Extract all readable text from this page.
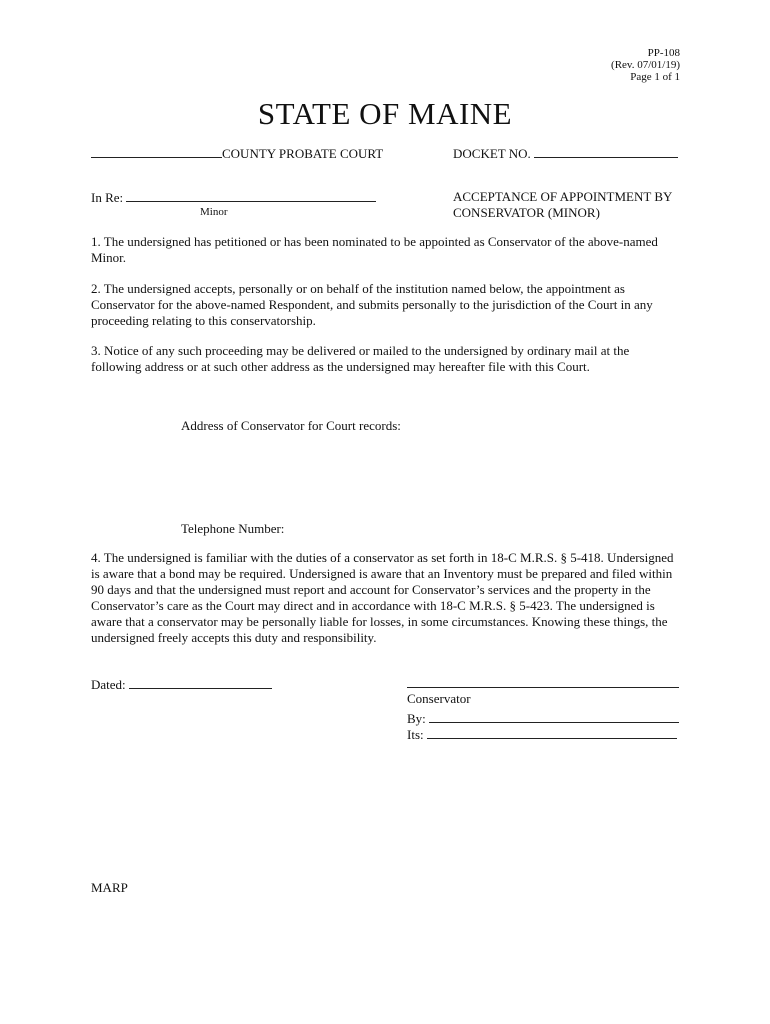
PP-108
(Rev. 07/01/19)
Page 1 of 1
STATE OF MAINE
COUNTY PROBATE COURT	DOCKET NO.
In Re:
Minor
ACCEPTANCE OF APPOINTMENT BY
CONSERVATOR (MINOR)
1. The undersigned has petitioned or has been nominated to be appointed as Conservator of the above-named Minor.
2. The undersigned accepts, personally or on behalf of the institution named below, the appointment as Conservator for the above-named Respondent, and submits personally to the jurisdiction of the Court in any proceeding relating to this conservatorship.
3. Notice of any such proceeding may be delivered or mailed to the undersigned by ordinary mail at the following address or at such other address as the undersigned may hereafter file with this Court.
Address of Conservator for Court records:
Telephone Number:
4. The undersigned is familiar with the duties of a conservator as set forth in 18-C M.R.S. § 5-418. Undersigned is aware that a bond may be required. Undersigned is aware that an Inventory must be prepared and filed within 90 days and that the undersigned must report and account for Conservator’s services and the property in the Conservator’s care as the Court may direct and in accordance with 18-C M.R.S. § 5-423. The undersigned is aware that a conservator may be personally liable for losses, in some circumstances. Knowing these things, the undersigned freely accepts this duty and responsibility.
Dated:
Conservator
By:
Its:
MARP
